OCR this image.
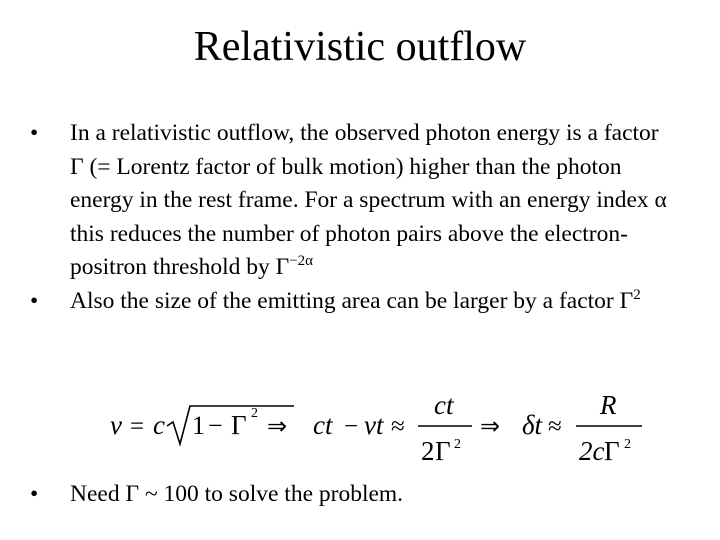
Relativistic outflow
•	In a relativistic outflow, the observed photon energy is a factor Γ (= Lorentz factor of bulk motion) higher than the photon energy in the rest frame. For a spectrum with an energy index α this reduces the number of photon pairs above the electron-positron threshold by $\Gamma^{-2\alpha}$
•	Also the size of the emitting area can be larger by a factor $\Gamma^2$
v = c 1 − Γ 2
⇒ ct − vt ≈
ct
2 Γ 2
⇒ δt ≈
R
2c Γ 2
•	Need Γ ~ 100 to solve the problem.
